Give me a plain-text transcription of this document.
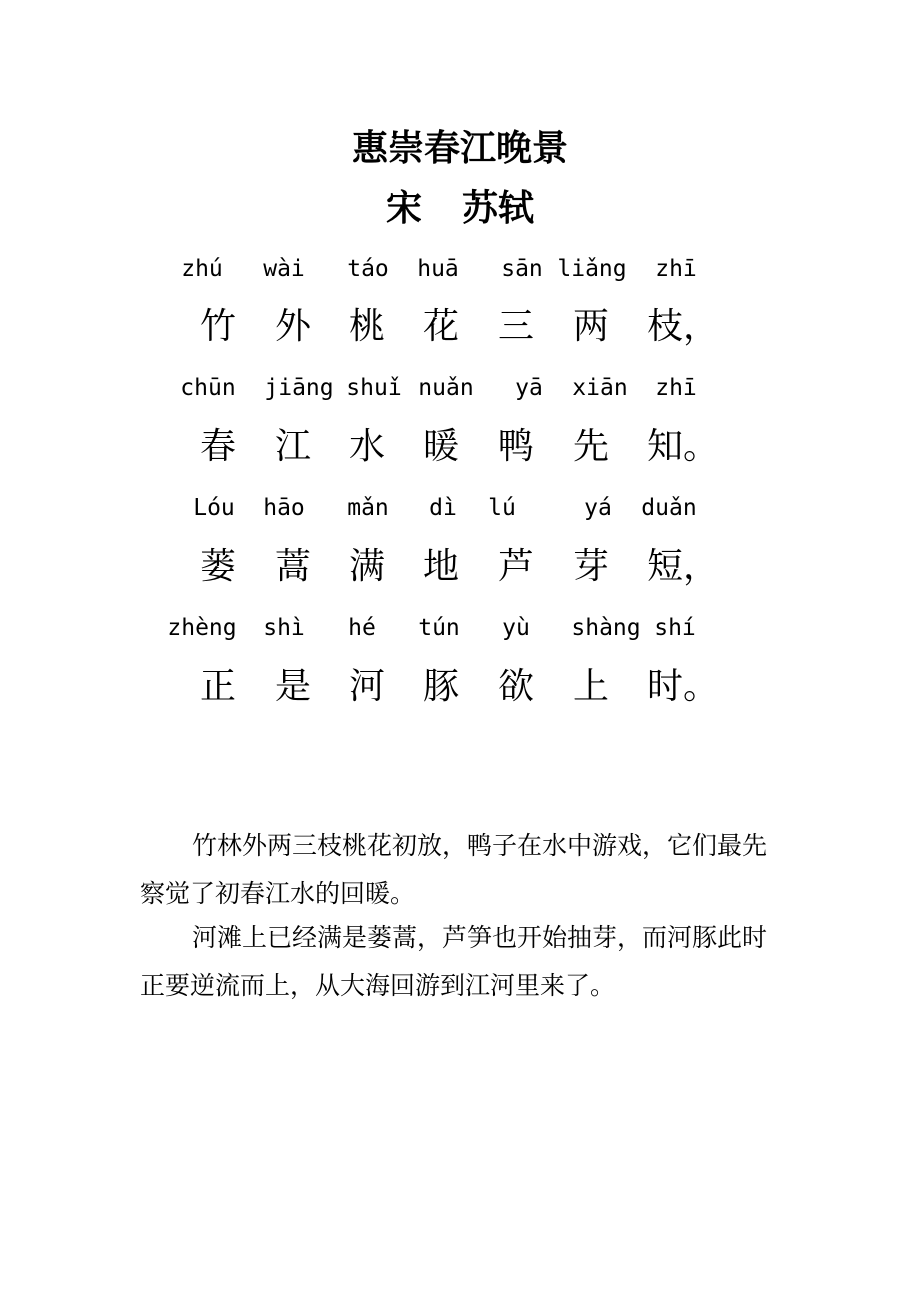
惠崇春江晚景
宋 苏轼
zhú wài táo huā sān liǎng zhī
竹 外 桃 花 三 两 枝，
chūn jiāng shuǐ nuǎn yā xiān zhī
春 江 水 暖 鸭 先 知。
Lóu hāo mǎn dì lú	yá duǎn
蒌 蒿 满 地 芦 芽 短，
zhèng shì hé tún yù shàng shí
正 是 河 豚 欲 上 时。

竹林外两三枝桃花初放，鸭子在水中游戏，它们最先察觉了初春江水的回暖。

河滩上已经满是蒌蒿，芦笋也开始抽芽，而河豚此时正要逆流而上，从大海回游到江河里来了。
